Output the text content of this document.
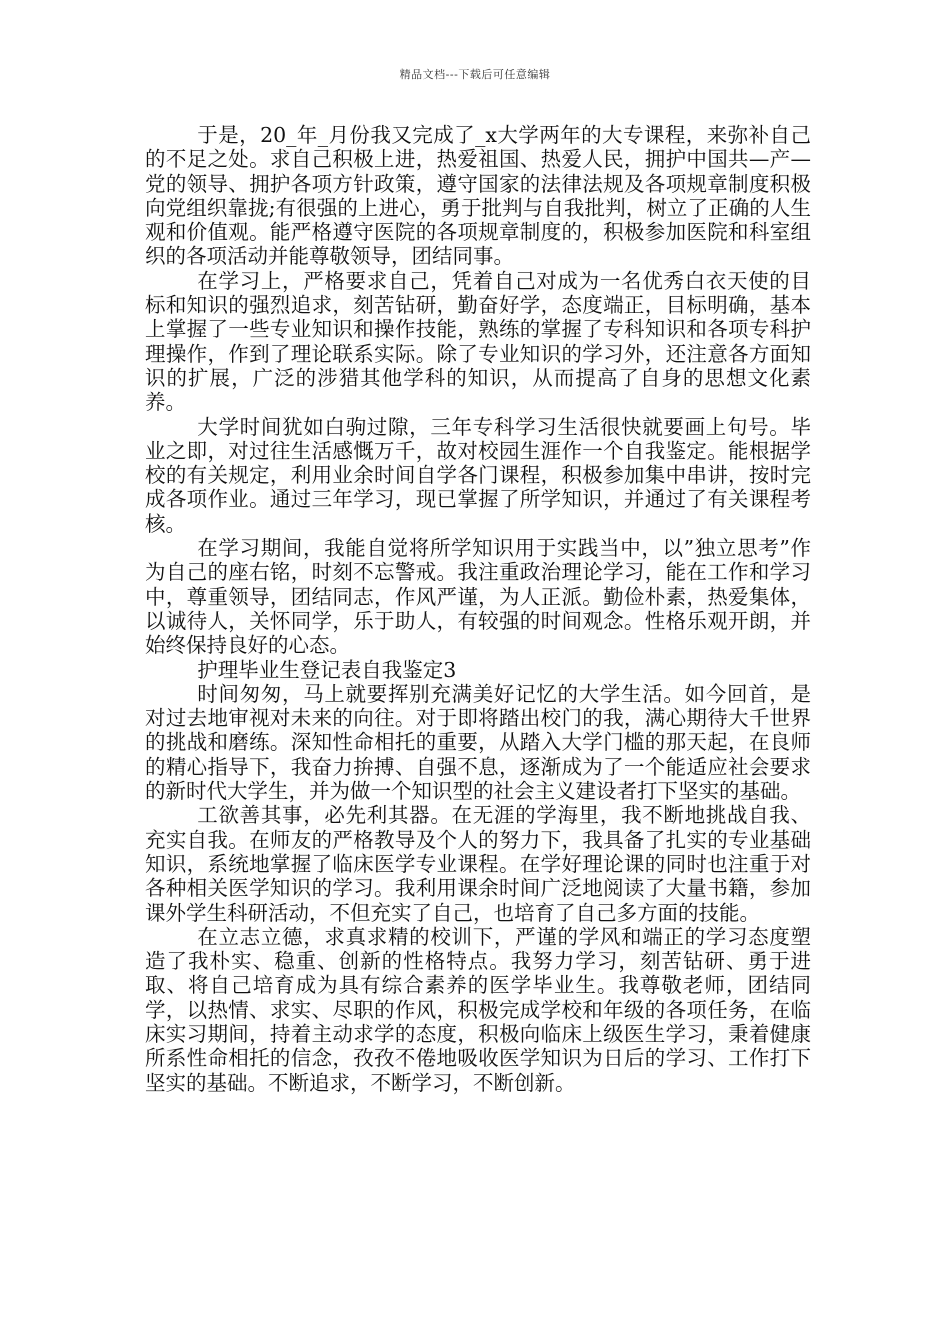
精品文档---下载后可任意编辑

于是，20_年_月份我又完成了_x大学两年的大专课程，来弥补自己的不足之处。求自己积极上进，热爱祖国、热爱人民，拥护中国共—产—党的领导、拥护各项方针政策，遵守国家的法律法规及各项规章制度积极向党组织靠拢;有很强的上进心，勇于批判与自我批判，树立了正确的人生观和价值观。能严格遵守医院的各项规章制度的，积极参加医院和科室组织的各项活动并能尊敬领导，团结同事。

在学习上，严格要求自己，凭着自己对成为一名优秀白衣天使的目标和知识的强烈追求，刻苦钻研，勤奋好学，态度端正，目标明确，基本上掌握了一些专业知识和操作技能，熟练的掌握了专科知识和各项专科护理操作，作到了理论联系实际。除了专业知识的学习外，还注意各方面知识的扩展，广泛的涉猎其他学科的知识，从而提高了自身的思想文化素养。

大学时间犹如白驹过隙，三年专科学习生活很快就要画上句号。毕业之即，对过往生活感慨万千，故对校园生涯作一个自我鉴定。能根据学校的有关规定，利用业余时间自学各门课程，积极参加集中串讲，按时完成各项作业。通过三年学习，现已掌握了所学知识，并通过了有关课程考核。

在学习期间，我能自觉将所学知识用于实践当中，以”独立思考”作为自己的座右铭，时刻不忘警戒。我注重政治理论学习，能在工作和学习中，尊重领导，团结同志，作风严谨，为人正派。勤俭朴素，热爱集体，以诚待人，关怀同学，乐于助人，有较强的时间观念。性格乐观开朗，并始终保持良好的心态。

护理毕业生登记表自我鉴定3

时间匆匆，马上就要挥别充满美好记忆的大学生活。如今回首，是对过去地审视对未来的向往。对于即将踏出校门的我，满心期待大千世界的挑战和磨练。深知性命相托的重要，从踏入大学门槛的那天起，在良师的精心指导下，我奋力拚搏、自强不息，逐渐成为了一个能适应社会要求的新时代大学生，并为做一个知识型的社会主义建设者打下坚实的基础。

工欲善其事，必先利其器。在无涯的学海里，我不断地挑战自我、充实自我。在师友的严格教导及个人的努力下，我具备了扎实的专业基础知识，系统地掌握了临床医学专业课程。在学好理论课的同时也注重于对各种相关医学知识的学习。我利用课余时间广泛地阅读了大量书籍，参加课外学生科研活动，不但充实了自己，也培育了自己多方面的技能。

在立志立德，求真求精的校训下，严谨的学风和端正的学习态度塑造了我朴实、稳重、创新的性格特点。我努力学习，刻苦钻研、勇于进取、将自己培育成为具有综合素养的医学毕业生。我尊敬老师，团结同学，以热情、求实、尽职的作风，积极完成学校和年级的各项任务，在临床实习期间，持着主动求学的态度，积极向临床上级医生学习，秉着健康所系性命相托的信念，孜孜不倦地吸收医学知识为日后的学习、工作打下坚实的基础。不断追求，不断学习，不断创新。
